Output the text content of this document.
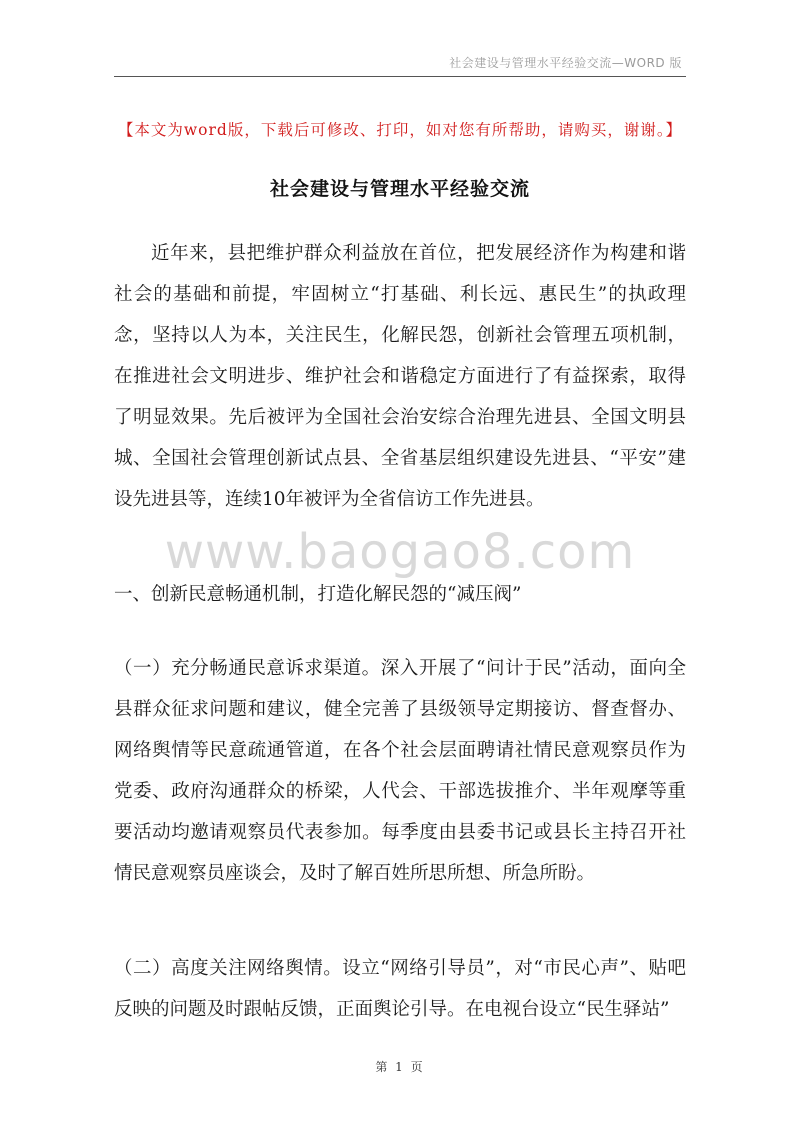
社会建设与管理水平经验交流—WORD 版
【本文为word版，下载后可修改、打印，如对您有所帮助，请购买，谢谢。】
社会建设与管理水平经验交流

近年来，县把维护群众利益放在首位，把发展经济作为构建和谐社会的基础和前提，牢固树立“打基础、利长远、惠民生”的执政理念，坚持以人为本，关注民生，化解民怨，创新社会管理五项机制，在推进社会文明进步、维护社会和谐稳定方面进行了有益探索，取得了明显效果。先后被评为全国社会治安综合治理先进县、全国文明县城、全国社会管理创新试点县、全省基层组织建设先进县、“平安”建设先进县等，连续10年被评为全省信访工作先进县。

www.baogao8.com

一、创新民意畅通机制，打造化解民怨的“减压阀”

（一）充分畅通民意诉求渠道。深入开展了“问计于民”活动，面向全县群众征求问题和建议，健全完善了县级领导定期接访、督查督办、网络舆情等民意疏通管道，在各个社会层面聘请社情民意观察员作为党委、政府沟通群众的桥梁，人代会、干部选拔推介、半年观摩等重要活动均邀请观察员代表参加。每季度由县委书记或县长主持召开社情民意观察员座谈会，及时了解百姓所思所想、所急所盼。

（二）高度关注网络舆情。设立“网络引导员”，对“市民心声”、贴吧反映的问题及时跟帖反馈，正面舆论引导。在电视台设立“民生驿站”

第 1 页
